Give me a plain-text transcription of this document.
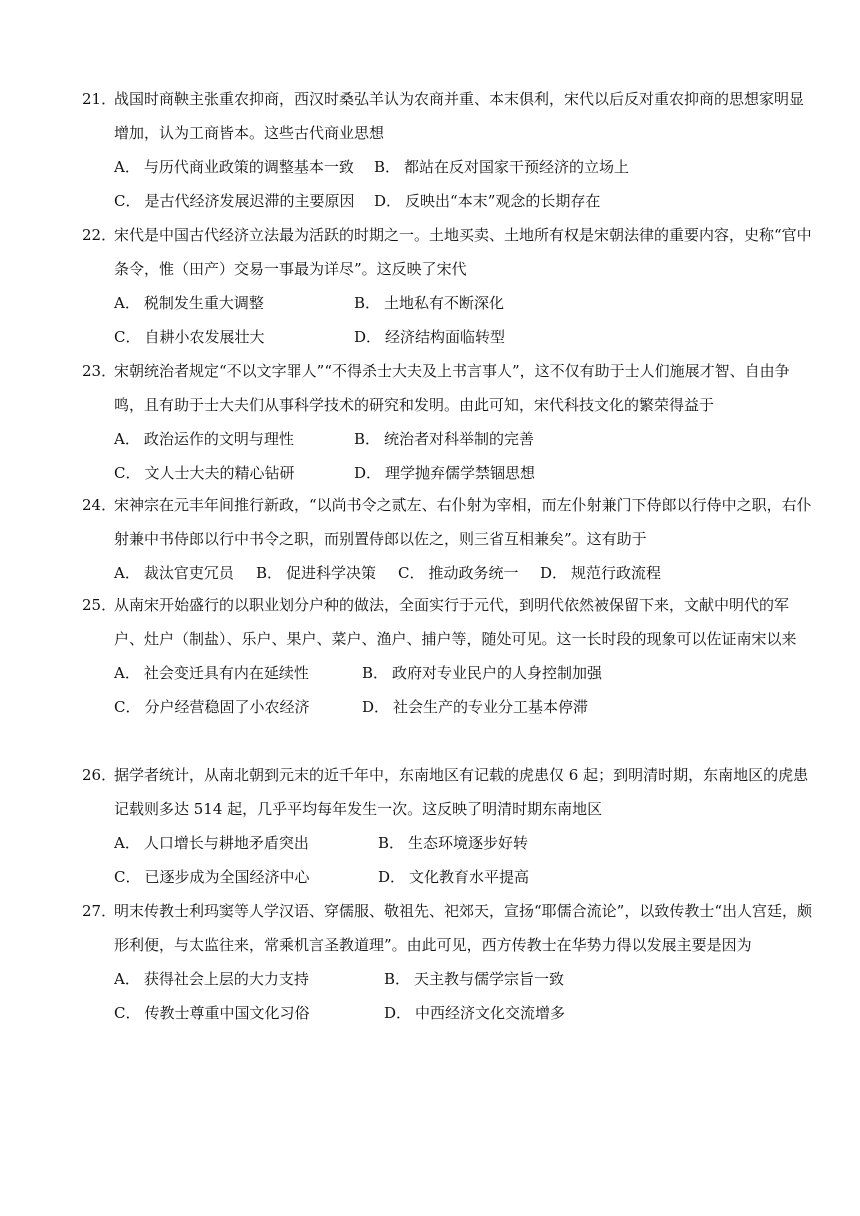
21．
战国时商鞅主张重农抑商，西汉时桑弘羊认为农商并重、本末俱利，宋代以后反对重农抑商的思想家明显增加，认为工商皆本。这些古代商业思想
A． 与历代商业政策的调整基本一致	B． 都站在反对国家干预经济的立场上
C． 是古代经济发展迟滞的主要原因	D． 反映出“本末”观念的长期存在
22．
宋代是中国古代经济立法最为活跃的时期之一。土地买卖、土地所有权是宋朝法律的重要内容，史称“官中条令，惟（田产）交易一事最为详尽”。这反映了宋代
A． 税制发生重大调整	B． 土地私有不断深化
C． 自耕小农发展壮大	D． 经济结构面临转型
23．
宋朝统治者规定“不以文字罪人”“不得杀士大夫及上书言事人”，这不仅有助于士人们施展才智、自由争鸣，且有助于士大夫们从事科学技术的研究和发明。由此可知，宋代科技文化的繁荣得益于
A． 政治运作的文明与理性	B． 统治者对科举制的完善
C． 文人士大夫的精心钻研	D． 理学抛弃儒学禁锢思想
24．
宋神宗在元丰年间推行新政，“以尚书令之贰左、右仆射为宰相，而左仆射兼门下侍郎以行侍中之职，右仆射兼中书侍郎以行中书令之职，而别置侍郎以佐之，则三省互相兼矣”。这有助于
A． 裁汰官吏冗员	B． 促进科学决策	C． 推动政务统一	D． 规范行政流程
25．
从南宋开始盛行的以职业划分户种的做法，全面实行于元代，到明代依然被保留下来，文献中明代的军户、灶户（制盐）、乐户、果户、菜户、渔户、捕户等，随处可见。这一长时段的现象可以佐证南宋以来
A． 社会变迁具有内在延续性	B． 政府对专业民户的人身控制加强
C． 分户经营稳固了小农经济	D． 社会生产的专业分工基本停滞
26．
据学者统计，从南北朝到元末的近千年中，东南地区有记载的虎患仅 6 起；到明清时期，东南地区的虎患记载则多达 514 起，几乎平均每年发生一次。这反映了明清时期东南地区
A． 人口增长与耕地矛盾突出	B． 生态环境逐步好转
C． 已逐步成为全国经济中心	D． 文化教育水平提高
27．
明末传教士利玛窦等人学汉语、穿儒服、敬祖先、祀郊天，宣扬“耶儒合流论”，以致传教士“出人宫廷，颇形利便，与太监往来，常乘机言圣教道理”。由此可见，西方传教士在华势力得以发展主要是因为
A． 获得社会上层的大力支持	B． 天主教与儒学宗旨一致
C． 传教士尊重中国文化习俗	D． 中西经济文化交流增多
